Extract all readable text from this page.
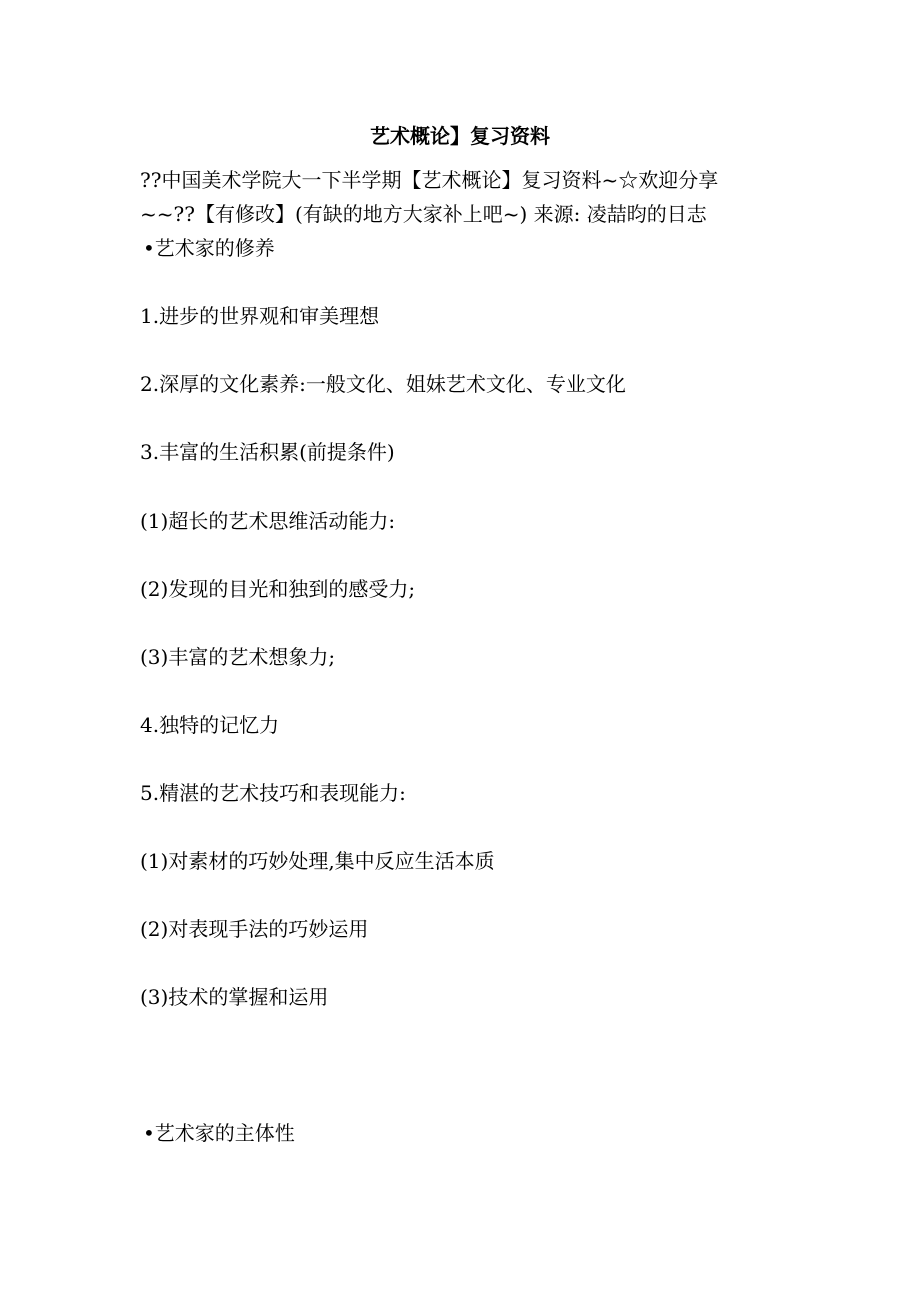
艺术概论】复习资料
??中国美术学院大一下半学期【艺术概论】复习资料~☆欢迎分享
~~??【有修改】(有缺的地方大家补上吧~) 来源: 凌喆昀的日志
•艺术家的修养
1.进步的世界观和审美理想
2.深厚的文化素养:一般文化、姐妹艺术文化、专业文化
3.丰富的生活积累(前提条件)
(1)超长的艺术思维活动能力:
(2)发现的目光和独到的感受力;
(3)丰富的艺术想象力;
4.独特的记忆力
5.精湛的艺术技巧和表现能力:
(1)对素材的巧妙处理,集中反应生活本质
(2)对表现手法的巧妙运用
(3)技术的掌握和运用
•艺术家的主体性
